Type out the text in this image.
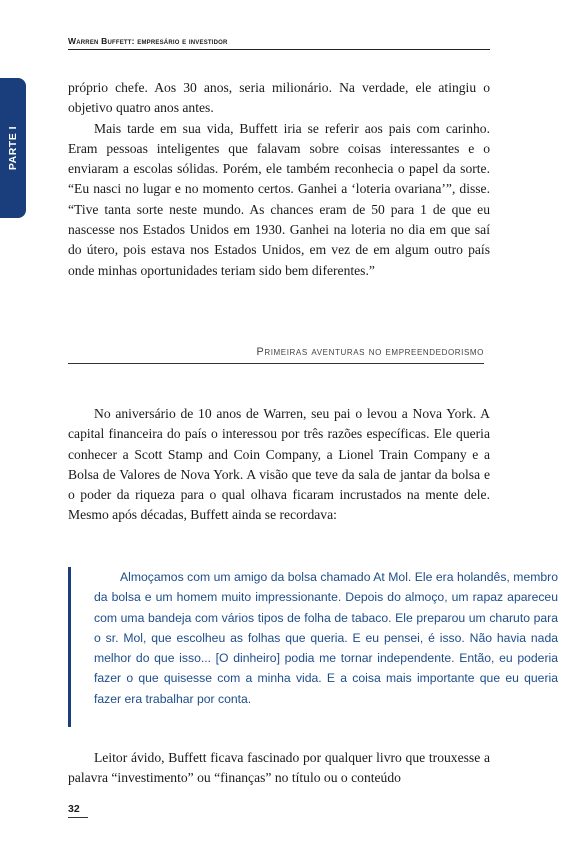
Warren Buffett: empresário e investidor
PARTE I

próprio chefe. Aos 30 anos, seria milionário. Na verdade, ele atingiu o objetivo quatro anos antes.

Mais tarde em sua vida, Buffett iria se referir aos pais com carinho. Eram pessoas inteligentes que falavam sobre coisas interessantes e o enviaram a escolas sólidas. Porém, ele também reconhecia o papel da sorte. “Eu nasci no lugar e no momento certos. Ganhei a ‘loteria ovariana’”, disse. “Tive tanta sorte neste mundo. As chances eram de 50 para 1 de que eu nascesse nos Estados Unidos em 1930. Ganhei na loteria no dia em que saí do útero, pois estava nos Estados Unidos, em vez de em algum outro país onde minhas oportunidades teriam sido bem diferentes.”

Primeiras aventuras no empreendedorismo

No aniversário de 10 anos de Warren, seu pai o levou a Nova York. A capital financeira do país o interessou por três razões específicas. Ele queria conhecer a Scott Stamp and Coin Company, a Lionel Train Company e a Bolsa de Valores de Nova York. A visão que teve da sala de jantar da bolsa e o poder da riqueza para o qual olhava ficaram incrustados na mente dele. Mesmo após décadas, Buffett ainda se recordava:

Almoçamos com um amigo da bolsa chamado At Mol. Ele era holandês, membro da bolsa e um homem muito impressionante. Depois do almoço, um rapaz apareceu com uma bandeja com vários tipos de folha de tabaco. Ele preparou um charuto para o sr. Mol, que escolheu as folhas que queria. E eu pensei, é isso. Não havia nada melhor do que isso... [O dinheiro] podia me tornar independente. Então, eu poderia fazer o que quisesse com a minha vida. E a coisa mais importante que eu queria fazer era trabalhar por conta.

Leitor ávido, Buffett ficava fascinado por qualquer livro que trouxesse a palavra “investimento” ou “finanças” no título ou o conteúdo

32
